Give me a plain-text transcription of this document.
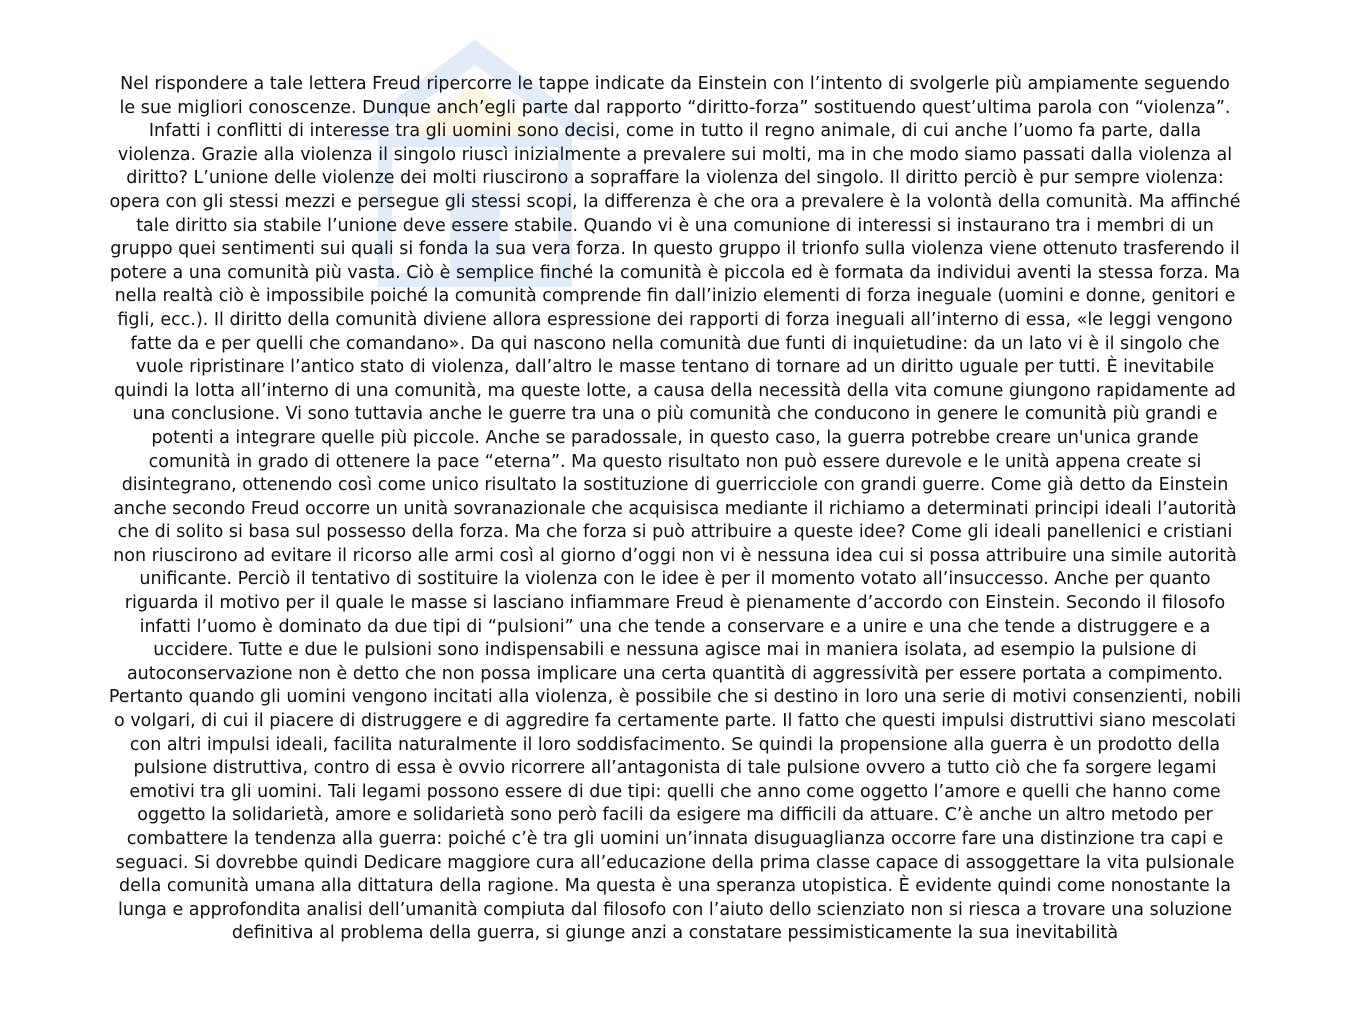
Nel rispondere a tale lettera Freud ripercorre le tappe indicate da Einstein con l’intento di svolgerle più ampiamente seguendo

le sue migliori conoscenze. Dunque anch’egli parte dal rapporto “diritto-forza” sostituendo quest’ultima parola con “violenza”.

Infatti i conflitti di interesse tra gli uomini sono decisi, come in tutto il regno animale, di cui anche l’uomo fa parte, dalla

violenza. Grazie alla violenza il singolo riuscì inizialmente a prevalere sui molti, ma in che modo siamo passati dalla violenza al

diritto? L’unione delle violenze dei molti riuscirono a sopraffare la violenza del singolo. Il diritto perciò è pur sempre violenza:

opera con gli stessi mezzi e persegue gli stessi scopi, la differenza è che ora a prevalere è la volontà della comunità. Ma affinché

tale diritto sia stabile l’unione deve essere stabile. Quando vi è una comunione di interessi si instaurano tra i membri di un

gruppo quei sentimenti sui quali si fonda la sua vera forza. In questo gruppo il trionfo sulla violenza viene ottenuto trasferendo il

potere a una comunità più vasta. Ciò è semplice finché la comunità è piccola ed è formata da individui aventi la stessa forza. Ma

nella realtà ciò è impossibile poiché la comunità comprende fin dall’inizio elementi di forza ineguale (uomini e donne, genitori e

figli, ecc.). Il diritto della comunità diviene allora espressione dei rapporti di forza ineguali all’interno di essa, «le leggi vengono

fatte da e per quelli che comandano». Da qui nascono nella comunità due funti di inquietudine: da un lato vi è il singolo che

vuole ripristinare l’antico stato di violenza, dall’altro le masse tentano di tornare ad un diritto uguale per tutti. È inevitabile

quindi la lotta all’interno di una comunità, ma queste lotte, a causa della necessità della vita comune giungono rapidamente ad

una conclusione. Vi sono tuttavia anche le guerre tra una o più comunità che conducono in genere le comunità più grandi e

potenti a integrare quelle più piccole. Anche se paradossale, in questo caso, la guerra potrebbe creare un'unica grande

comunità in grado di ottenere la pace “eterna”. Ma questo risultato non può essere durevole e le unità appena create si

disintegrano, ottenendo così come unico risultato la sostituzione di guerricciole con grandi guerre. Come già detto da Einstein

anche secondo Freud occorre un unità sovranazionale che acquisisca mediante il richiamo a determinati principi ideali l’autorità

che di solito si basa sul possesso della forza. Ma che forza si può attribuire a queste idee? Come gli ideali panellenici e cristiani

non riuscirono ad evitare il ricorso alle armi così al giorno d’oggi non vi è nessuna idea cui si possa attribuire una simile autorità

unificante. Perciò il tentativo di sostituire la violenza con le idee è per il momento votato all’insuccesso. Anche per quanto

riguarda il motivo per il quale le masse si lasciano infiammare Freud è pienamente d’accordo con Einstein. Secondo il filosofo

infatti l’uomo è dominato da due tipi di “pulsioni” una che tende a conservare e a unire e una che tende a distruggere e a

uccidere. Tutte e due le pulsioni sono indispensabili e nessuna agisce mai in maniera isolata, ad esempio la pulsione di

autoconservazione non è detto che non possa implicare una certa quantità di aggressività per essere portata a compimento.

Pertanto quando gli uomini vengono incitati alla violenza, è possibile che si destino in loro una serie di motivi consenzienti, nobili

o volgari, di cui il piacere di distruggere e di aggredire fa certamente parte. Il fatto che questi impulsi distruttivi siano mescolati

con altri impulsi ideali, facilita naturalmente il loro soddisfacimento. Se quindi la propensione alla guerra è un prodotto della

pulsione distruttiva, contro di essa è ovvio ricorrere all’antagonista di tale pulsione ovvero a tutto ciò che fa sorgere legami

emotivi tra gli uomini. Tali legami possono essere di due tipi: quelli che anno come oggetto l’amore e quelli che hanno come

oggetto la solidarietà, amore e solidarietà sono però facili da esigere ma difficili da attuare. C’è anche un altro metodo per

combattere la tendenza alla guerra: poiché c’è tra gli uomini un’innata disuguaglianza occorre fare una distinzione tra capi e

seguaci. Si dovrebbe quindi Dedicare maggiore cura all’educazione della prima classe capace di assoggettare la vita pulsionale

della comunità umana alla dittatura della ragione. Ma questa è una speranza utopistica. È evidente quindi come nonostante la

lunga e approfondita analisi dell’umanità compiuta dal filosofo con l’aiuto dello scienziato non si riesca a trovare una soluzione

definitiva al problema della guerra, si giunge anzi a constatare pessimisticamente la sua inevitabilità
